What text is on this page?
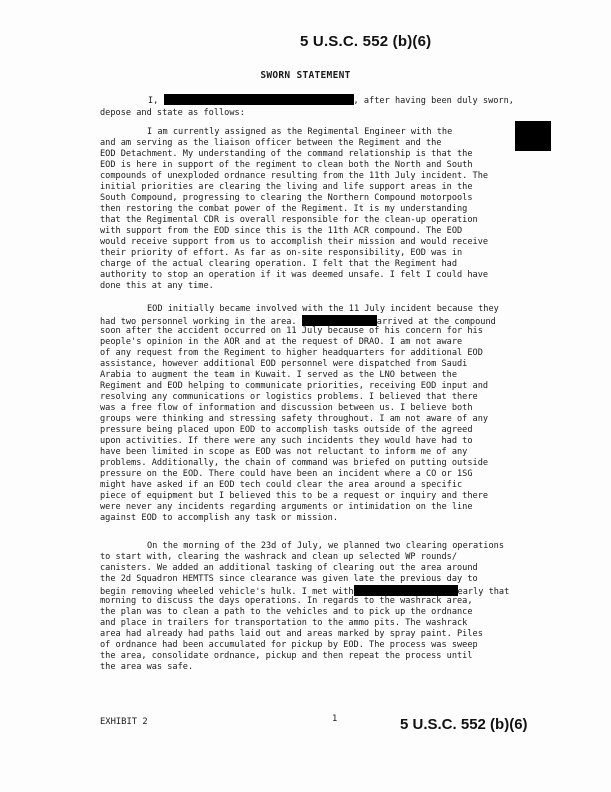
5 U.S.C. 552 (b)(6)
SWORN STATEMENT
I,	, after having been duly sworn,
depose and state as follows:
I am currently assigned as the Regimental Engineer with the
and am serving as the liaison officer between the Regiment and the
EOD Detachment. My understanding of the command relationship is that the
EOD is here in support of the regiment to clean both the North and South
compounds of unexploded ordnance resulting from the 11th July incident. The
initial priorities are clearing the living and life support areas in the
South Compound, progressing to clearing the Northern Compound motorpools
then restoring the combat power of the Regiment. It is my understanding
that the Regimental CDR is overall responsible for the clean-up operation
with support from the EOD since this is the 11th ACR compound. The EOD
would receive support from us to accomplish their mission and would receive
their priority of effort. As far as on-site responsibility, EOD was in
charge of the actual clearing operation. I felt that the Regiment had
authority to stop an operation if it was deemed unsafe. I felt I could have
done this at any time.
EOD initially became involved with the 11 July incident because they
had two personnel working in the area.	arrived at the compound
soon after the accident occurred on 11 July because of his concern for his
people's opinion in the AOR and at the request of DRAO. I am not aware
of any request from the Regiment to higher headquarters for additional EOD
assistance, however additional EOD personnel were dispatched from Saudi
Arabia to augment the team in Kuwait. I served as the LNO between the
Regiment and EOD helping to communicate priorities, receiving EOD input and
resolving any communications or logistics problems. I believed that there
was a free flow of information and discussion between us. I believe both
groups were thinking and stressing safety throughout. I am not aware of any
pressure being placed upon EOD to accomplish tasks outside of the agreed
upon activities. If there were any such incidents they would have had to
have been limited in scope as EOD was not reluctant to inform me of any
problems. Additionally, the chain of command was briefed on putting outside
pressure on the EOD. There could have been an incident where a CO or 1SG
might have asked if an EOD tech could clear the area around a specific
piece of equipment but I believed this to be a request or inquiry and there
were never any incidents regarding arguments or intimidation on the line
against EOD to accomplish any task or mission.
On the morning of the 23d of July, we planned two clearing operations
to start with, clearing the washrack and clean up selected WP rounds/
canisters. We added an additional tasking of clearing out the area around
the 2d Squadron HEMTTS since clearance was given late the previous day to
begin removing wheeled vehicle's hulk. I met with	early that
morning to discuss the days operations. In regards to the washrack area,
the plan was to clean a path to the vehicles and to pick up the ordnance
and place in trailers for transportation to the ammo pits. The washrack
area had already had paths laid out and areas marked by spray paint. Piles
of ordnance had been accumulated for pickup by EOD. The process was sweep
the area, consolidate ordnance, pickup and then repeat the process until
the area was safe.
EXHIBIT 2	1	5 U.S.C. 552 (b)(6)
